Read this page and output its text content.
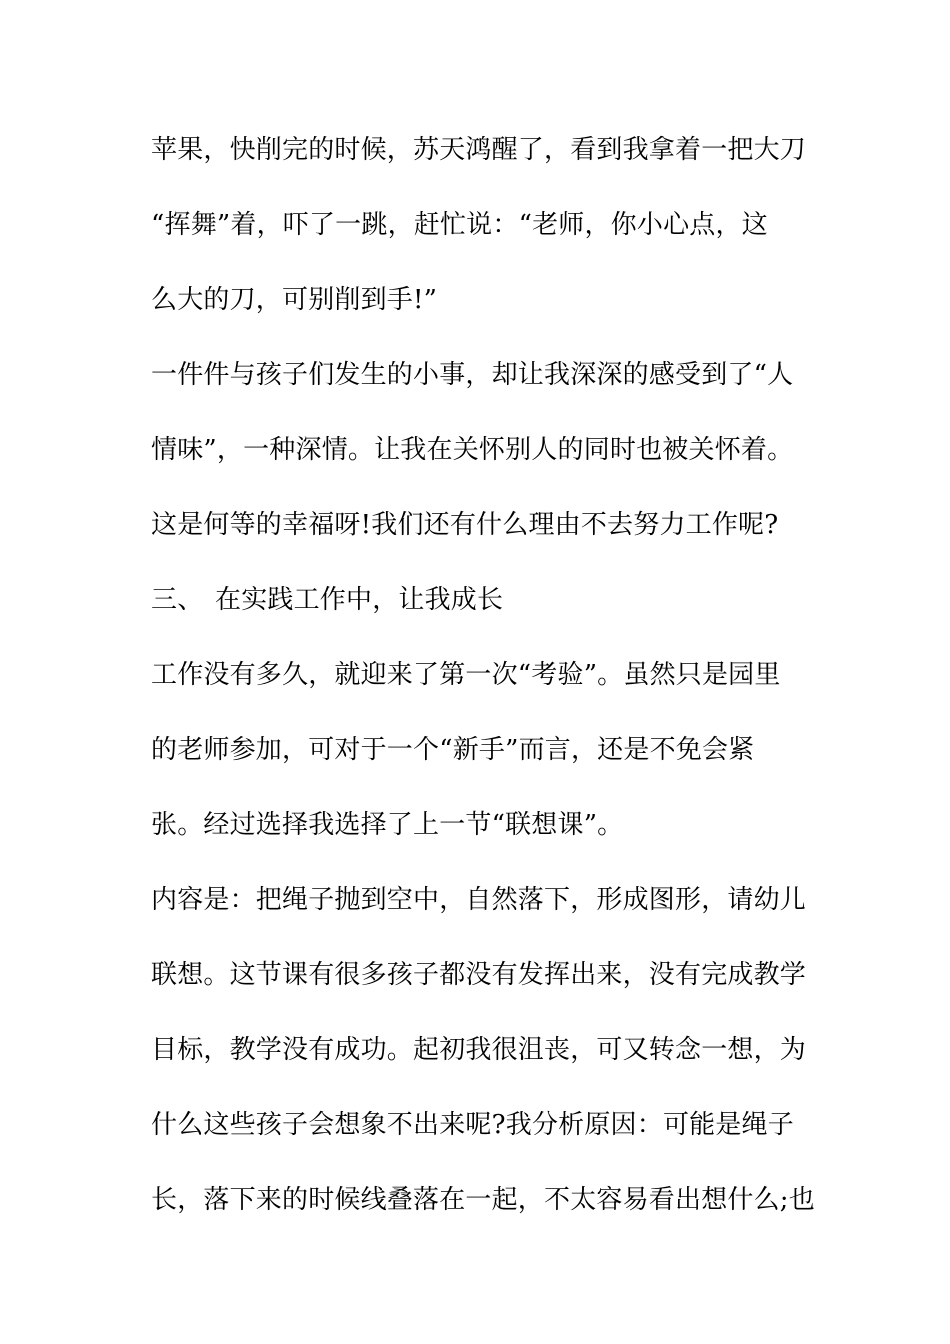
苹果，快削完的时候，苏天鸿醒了，看到我拿着一把大刀
“挥舞”着，吓了一跳，赶忙说：“老师，你小心点，这
么大的刀，可别削到手!”
一件件与孩子们发生的小事，却让我深深的感受到了“人
情味”，一种深情。让我在关怀别人的同时也被关怀着。
这是何等的幸福呀!我们还有什么理由不去努力工作呢?
三、 在实践工作中，让我成长
工作没有多久，就迎来了第一次“考验”。虽然只是园里
的老师参加，可对于一个“新手”而言，还是不免会紧
张。经过选择我选择了上一节“联想课”。
内容是：把绳子抛到空中，自然落下，形成图形，请幼儿
联想。这节课有很多孩子都没有发挥出来，没有完成教学
目标，教学没有成功。起初我很沮丧，可又转念一想，为
什么这些孩子会想象不出来呢?我分析原因：可能是绳子
长，落下来的时候线叠落在一起，不太容易看出想什么;也
